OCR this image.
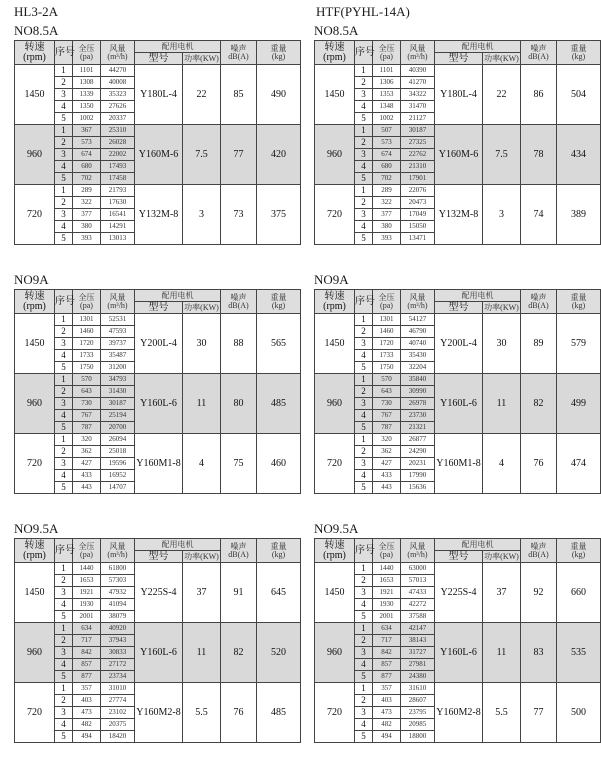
HL3-2A	HTF(PYHL-14A)
NO8.5A
转速
(rpm)	序号	全压
(pa)	风量
(m³/h)	配用电机		噪声
dB(A)	重量
(kg)
				型号	功率(KW)		
1450	1	1101	44270	Y180L-4	22	85	490
	2	1308	40008				
	3	1339	35323				
	4	1350	27626				
	5	1002	20337				
960	1	367	25310	Y160M-6	7.5	77	420
	2	573	26028				
	3	674	22002				
	4	680	17493				
	5	702	17458				
720	1	289	21793	Y132M-8	3	73	375
	2	322	17630				
	3	377	16541				
	4	380	14291				
	5	393	13013				
NO8.5A
转速
(rpm)	序号	全压
(pa)	风量
(m³/h)	配用电机		噪声
dB(A)	重量
(kg)
				型号	功率(KW)		
1450	1	1101	40390	Y180L-4	22	86	504
	2	1306	41270				
	3	1353	34322				
	4	1348	31470				
	5	1002	21127				
960	1	507	30187	Y160M-6	7.5	78	434
	2	573	27325				
	3	674	22762				
	4	680	21310				
	5	702	17901				
720	1	289	22076	Y132M-8	3	74	389
	2	322	20473				
	3	377	17049				
	4	380	15050				
	5	393	13471				
NO9A
转速
(rpm)	序号	全压
(pa)	风量
(m³/h)	配用电机		噪声
dB(A)	重量
(kg)
				型号	功率(KW)		
1450	1	1301	52531	Y200L-4	30	88	565
	2	1460	47593				
	3	1720	39737				
	4	1733	35487				
	5	1750	31200				
960	1	570	34793	Y160L-6	11	80	485
	2	643	31430				
	3	730	30187				
	4	767	25194				
	5	787	20700				
720	1	320	26094	Y160M1-8	4	75	460
	2	362	25018				
	3	427	19596				
	4	433	16952				
	5	443	14707				
NO9A
转速
(rpm)	序号	全压
(pa)	风量
(m³/h)	配用电机		噪声
dB(A)	重量
(kg)
				型号	功率(KW)		
1450	1	1301	54127	Y200L-4	30	89	579
	2	1460	46790				
	3	1720	40740				
	4	1733	35430				
	5	1750	32204				
960	1	570	35840	Y160L-6	11	82	499
	2	643	30990				
	3	730	26978				
	4	767	23730				
	5	787	21321				
720	1	320	26877	Y160M1-8	4	76	474
	2	362	24290				
	3	427	20231				
	4	433	17990				
	5	443	15636				
NO9.5A
转速
(rpm)	序号	全压
(pa)	风量
(m³/h)	配用电机		噪声
dB(A)	重量
(kg)
				型号	功率(KW)		
1450	1	1440	61800	Y225S-4	37	91	645
	2	1653	57303				
	3	1921	47932				
	4	1930	41094				
	5	2001	38079				
960	1	634	40920	Y160L-6	11	82	520
	2	717	37943				
	3	842	30833				
	4	857	27172				
	5	877	23734				
720	1	357	31010	Y160M2-8	5.5	76	485
	2	403	27774				
	3	473	23102				
	4	482	20375				
	5	494	18420				
NO9.5A
转速
(rpm)	序号	全压
(pa)	风量
(m³/h)	配用电机		噪声
dB(A)	重量
(kg)
				型号	功率(KW)		
1450	1	1440	63000	Y225S-4	37	92	660
	2	1653	57013				
	3	1921	47433				
	4	1930	42272				
	5	2001	37588				
960	1	634	42147	Y160L-6	11	83	535
	2	717	38143				
	3	842	31727				
	4	857	27981				
	5	877	24380				
720	1	357	31610	Y160M2-8	5.5	77	500
	2	403	28607				
	3	473	23795				
	4	482	20985				
	5	494	18800				
